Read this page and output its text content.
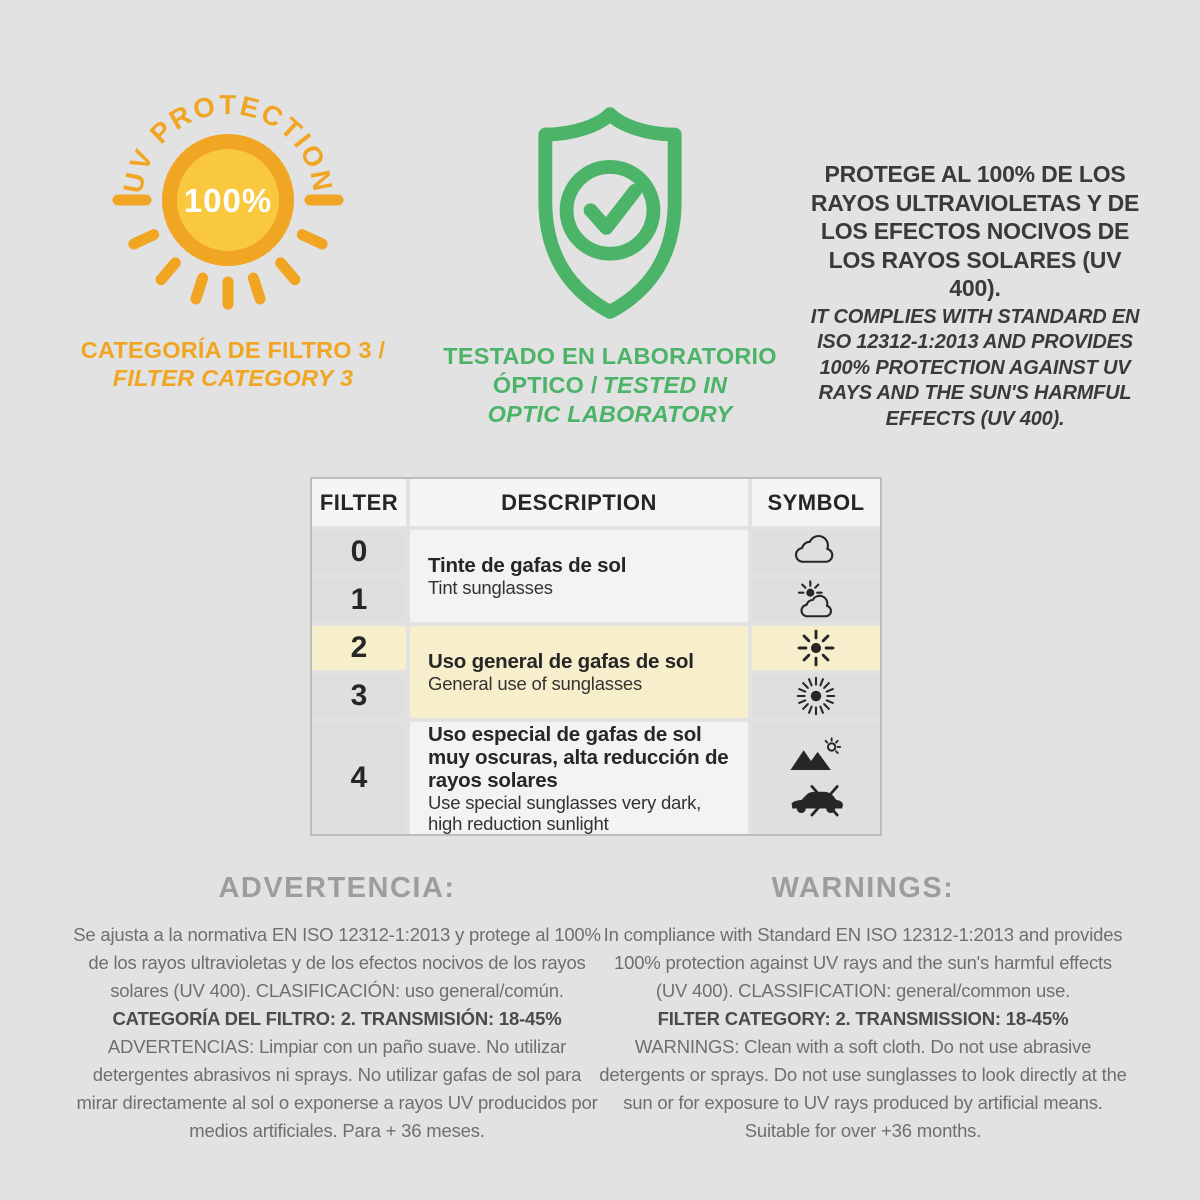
UV PROTECTION
100%
CATEGORÍA DE FILTRO 3 /
FILTER CATEGORY 3
TESTADO EN LABORATORIO
ÓPTICO / TESTED IN
OPTIC LABORATORY
PROTEGE AL 100% DE LOS RAYOS ULTRAVIOLETAS Y DE LOS EFECTOS NOCIVOS DE LOS RAYOS SOLARES (UV 400).
IT COMPLIES WITH STANDARD EN ISO 12312-1:2013 AND PROVIDES 100% PROTECTION AGAINST UV RAYS AND THE SUN'S HARMFUL EFFECTS (UV 400).
FILTER	DESCRIPTION	SYMBOL
0
1
2
3
4
Tinte de gafas de sol
Tint sunglasses
Uso general de gafas de sol
General use of sunglasses
Uso especial de gafas de sol muy oscuras, alta reducción de rayos solares
Use special sunglasses very dark, high reduction sunlight
ADVERTENCIA:
Se ajusta a la normativa EN ISO 12312-1:2013 y protege al 100% de los rayos ultravioletas y de los efectos nocivos de los rayos solares (UV 400). CLASIFICACIÓN: uso general/común.
CATEGORÍA DEL FILTRO: 2. TRANSMISIÓN: 18-45%
ADVERTENCIAS: Limpiar con un paño suave. No utilizar detergentes abrasivos ni sprays. No utilizar gafas de sol para mirar directamente al sol o exponerse a rayos UV producidos por medios artificiales. Para + 36 meses.
WARNINGS:
In compliance with Standard EN ISO 12312-1:2013 and provides 100% protection against UV rays and the sun's harmful effects (UV 400). CLASSIFICATION: general/common use.
FILTER CATEGORY: 2. TRANSMISSION: 18-45%
WARNINGS: Clean with a soft cloth. Do not use abrasive detergents or sprays. Do not use sunglasses to look directly at the sun or for exposure to UV rays produced by artificial means. Suitable for over +36 months.
